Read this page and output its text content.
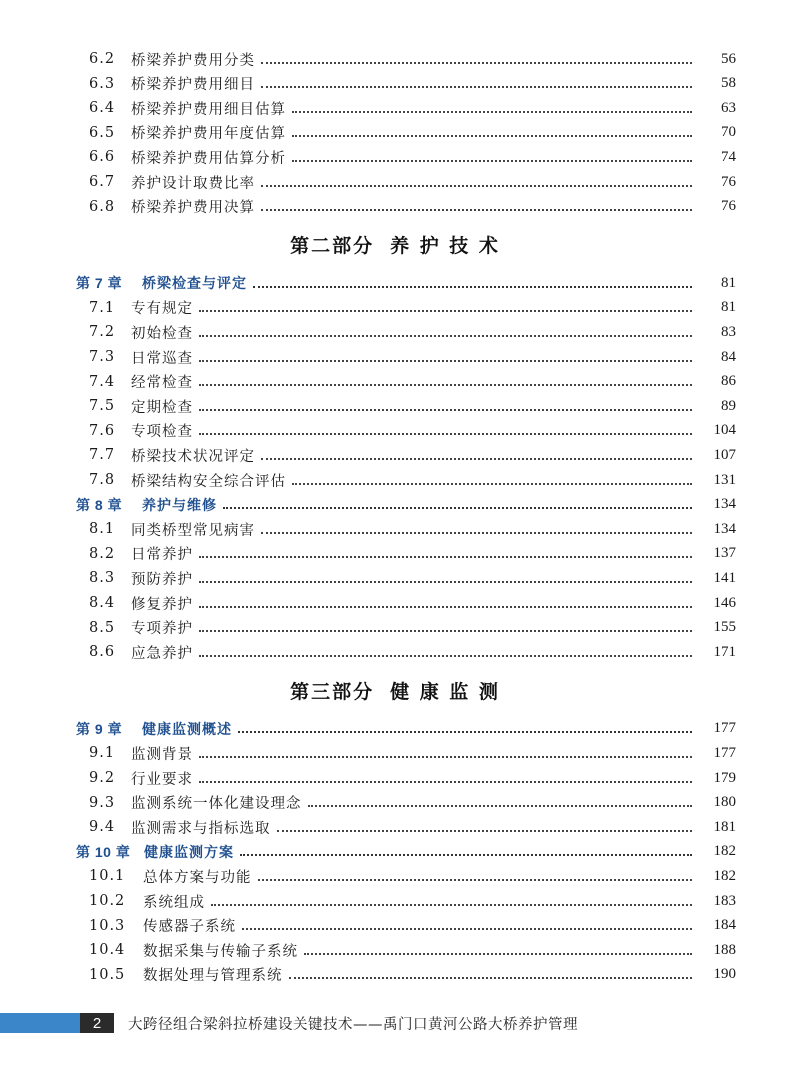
6.2	桥梁养护费用分类	56
6.3	桥梁养护费用细目	58
6.4	桥梁养护费用细目估算	63
6.5	桥梁养护费用年度估算	70
6.6	桥梁养护费用估算分析	74
6.7	养护设计取费比率	76
6.8	桥梁养护费用决算	76
第二部分 养 护 技 术
第 7 章	桥梁检查与评定	81
7.1	专有规定	81
7.2	初始检查	83
7.3	日常巡查	84
7.4	经常检查	86
7.5	定期检查	89
7.6	专项检查	104
7.7	桥梁技术状况评定	107
7.8	桥梁结构安全综合评估	131
第 8 章	养护与维修	134
8.1	同类桥型常见病害	134
8.2	日常养护	137
8.3	预防养护	141
8.4	修复养护	146
8.5	专项养护	155
8.6	应急养护	171
第三部分 健 康 监 测
第 9 章	健康监测概述	177
9.1	监测背景	177
9.2	行业要求	179
9.3	监测系统一体化建设理念	180
9.4	监测需求与指标选取	181
第 10 章 健康监测方案	182
10.1	总体方案与功能	182
10.2	系统组成	183
10.3	传感器子系统	184
10.4	数据采集与传输子系统	188
10.5	数据处理与管理系统	190
2	大跨径组合梁斜拉桥建设关键技术——禹门口黄河公路大桥养护管理
